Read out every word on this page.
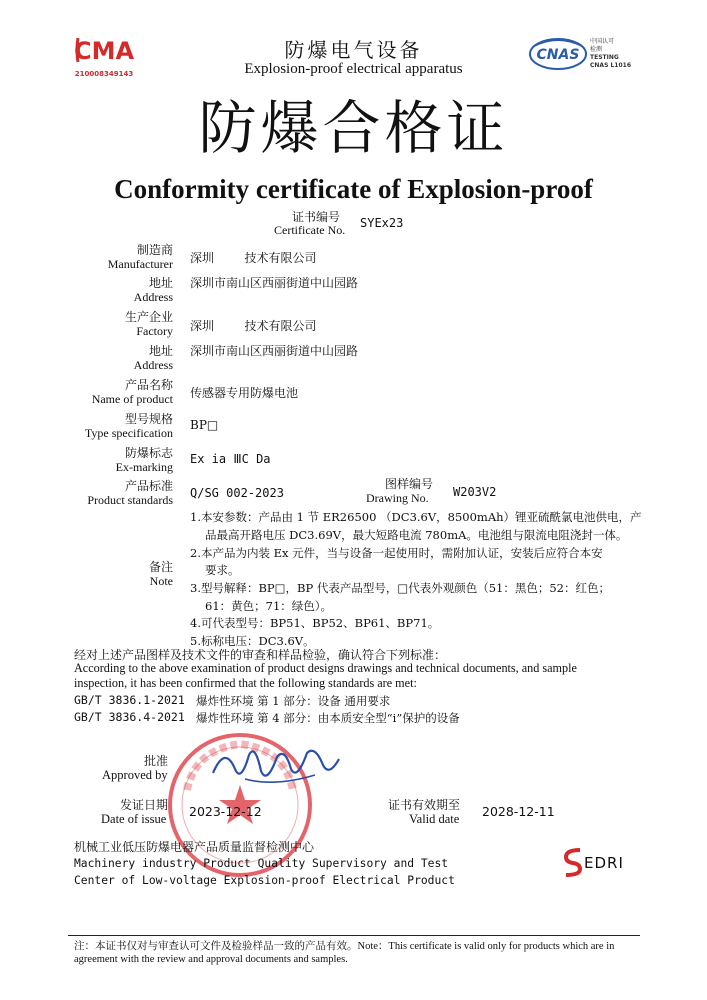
CMA
210008349143
防爆电气设备
Explosion-proof electrical apparatus
CNAS
中国认可
检测
TESTING
CNAS L1016
防爆合格证
Conformity certificate of Explosion-proof
证书编号
Certificate No. SYEx23
制造商
Manufacturer 深圳        技术有限公司
地址
Address
深圳市南山区西丽街道中山园路
生产企业
Factory 深圳        技术有限公司
地址
Address
深圳市南山区西丽街道中山园路
产品名称
Name of product 传感器专用防爆电池
型号规格
Type specification
BP□
防爆标志
Ex-marking
Ex ia ⅢC Da
产品标准
Product standards Q/SG 002-2023
图样编号
Drawing No. W203V2
备注
Note
1.本安参数：产品由 1 节 ER26500 （DC3.6V，8500mAh）锂亚硫酰氯电池供电，产
品最高开路电压 DC3.69V，最大短路电流 780mA。电池组与限流电阻浇封一体。
2.本产品为内装 Ex 元件，当与设备一起使用时，需附加认证，安装后应符合本安
要求。
3.型号解释：BP□，BP 代表产品型号，□代表外观颜色（51：黑色；52：红色；
61：黄色；71：绿色）。
4.可代表型号：BP51、BP52、BP61、BP71。
5.标称电压：DC3.6V。
经对上述产品图样及技术文件的审查和样品检验，确认符合下列标准：
According to the above examination of product designs drawings and technical documents, and sample
inspection, it has been confirmed that the following standards are met:
GB/T 3836.1-2021 爆炸性环境 第 1 部分：设备 通用要求
GB/T 3836.4-2021 爆炸性环境 第 4 部分：由本质安全型“i”保护的设备
批准
Approved by
发证日期
Date of issue 2023-12-12	证书有效期至
Valid date 2028-12-11
机械工业低压防爆电器产品质量监督检测中心
Machinery industry Product Quality Supervisory and Test
Center of Low-voltage Explosion-proof Electrical Product
EDRI
注：本证书仅对与审查认可文件及检验样品一致的产品有效。Note：This certificate is valid only for products which are in
agreement with the review and approval documents and samples.
